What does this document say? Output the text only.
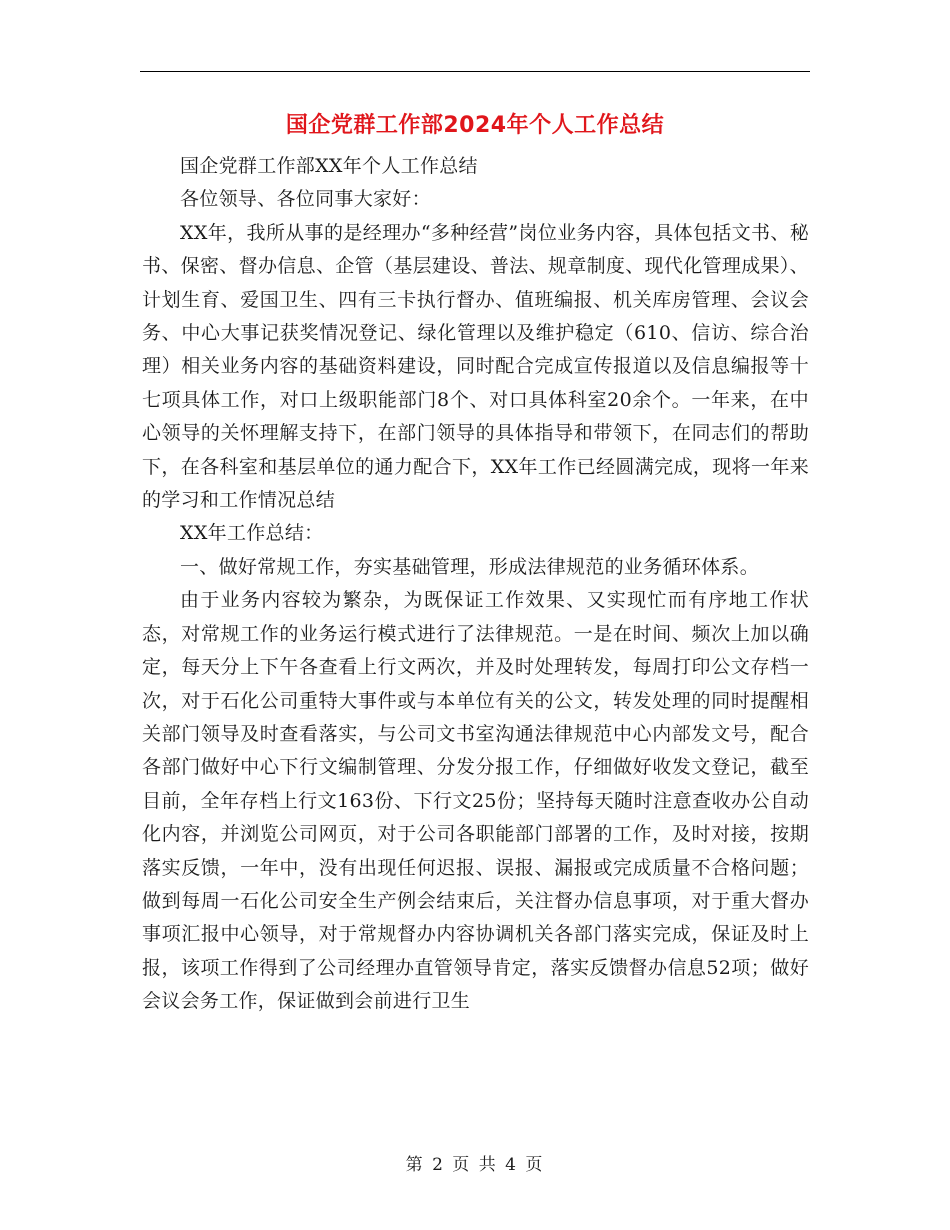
国企党群工作部2024年个人工作总结

国企党群工作部XX年个人工作总结

各位领导、各位同事大家好：

XX年，我所从事的是经理办“多种经营”岗位业务内容，具体包括文书、秘书、保密、督办信息、企管（基层建设、普法、规章制度、现代化管理成果）、计划生育、爱国卫生、四有三卡执行督办、值班编报、机关库房管理、会议会务、中心大事记获奖情况登记、绿化管理以及维护稳定（610、信访、综合治理）相关业务内容的基础资料建设，同时配合完成宣传报道以及信息编报等十七项具体工作，对口上级职能部门8个、对口具体科室20余个。一年来，在中心领导的关怀理解支持下，在部门领导的具体指导和带领下，在同志们的帮助下，在各科室和基层单位的通力配合下，XX年工作已经圆满完成，现将一年来的学习和工作情况总结

XX年工作总结：

一、做好常规工作，夯实基础管理，形成法律规范的业务循环体系。

由于业务内容较为繁杂，为既保证工作效果、又实现忙而有序地工作状态，对常规工作的业务运行模式进行了法律规范。一是在时间、频次上加以确定，每天分上下午各查看上行文两次，并及时处理转发，每周打印公文存档一次，对于石化公司重特大事件或与本单位有关的公文，转发处理的同时提醒相关部门领导及时查看落实，与公司文书室沟通法律规范中心内部发文号，配合各部门做好中心下行文编制管理、分发分报工作，仔细做好收发文登记，截至目前，全年存档上行文163份、下行文25份；坚持每天随时注意查收办公自动化内容，并浏览公司网页，对于公司各职能部门部署的工作，及时对接，按期落实反馈，一年中，没有出现任何迟报、误报、漏报或完成质量不合格问题；做到每周一石化公司安全生产例会结束后，关注督办信息事项，对于重大督办事项汇报中心领导，对于常规督办内容协调机关各部门落实完成，保证及时上报，该项工作得到了公司经理办直管领导肯定，落实反馈督办信息52项；做好会议会务工作，保证做到会前进行卫生

第 2 页 共 4 页
